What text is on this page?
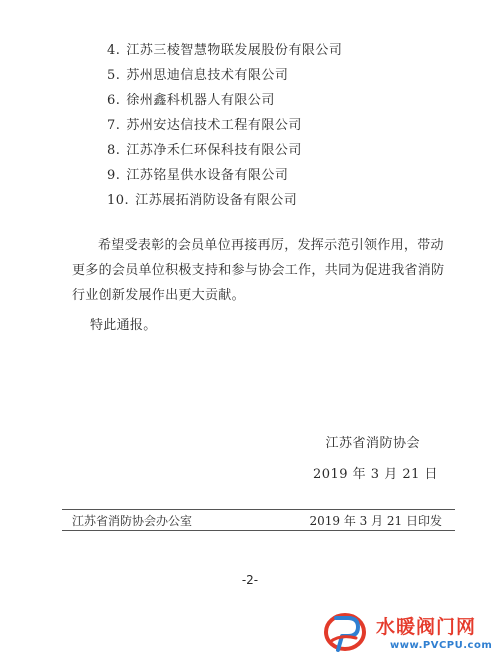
4. 江苏三棱智慧物联发展股份有限公司
5. 苏州思迪信息技术有限公司
6. 徐州鑫科机器人有限公司
7. 苏州安达信技术工程有限公司
8. 江苏净禾仁环保科技有限公司
9. 江苏铭星供水设备有限公司
10. 江苏展拓消防设备有限公司

希望受表彰的会员单位再接再厉，发挥示范引领作用，带动
更多的会员单位积极支持和参与协会工作，共同为促进我省消防
行业创新发展作出更大贡献。

特此通报。

江苏省消防协会
2019 年 3 月 21 日
江苏省消防协会办公室	2019 年 3 月 21 日印发
-2-
水暖阀门网
www.PVCPU.com
